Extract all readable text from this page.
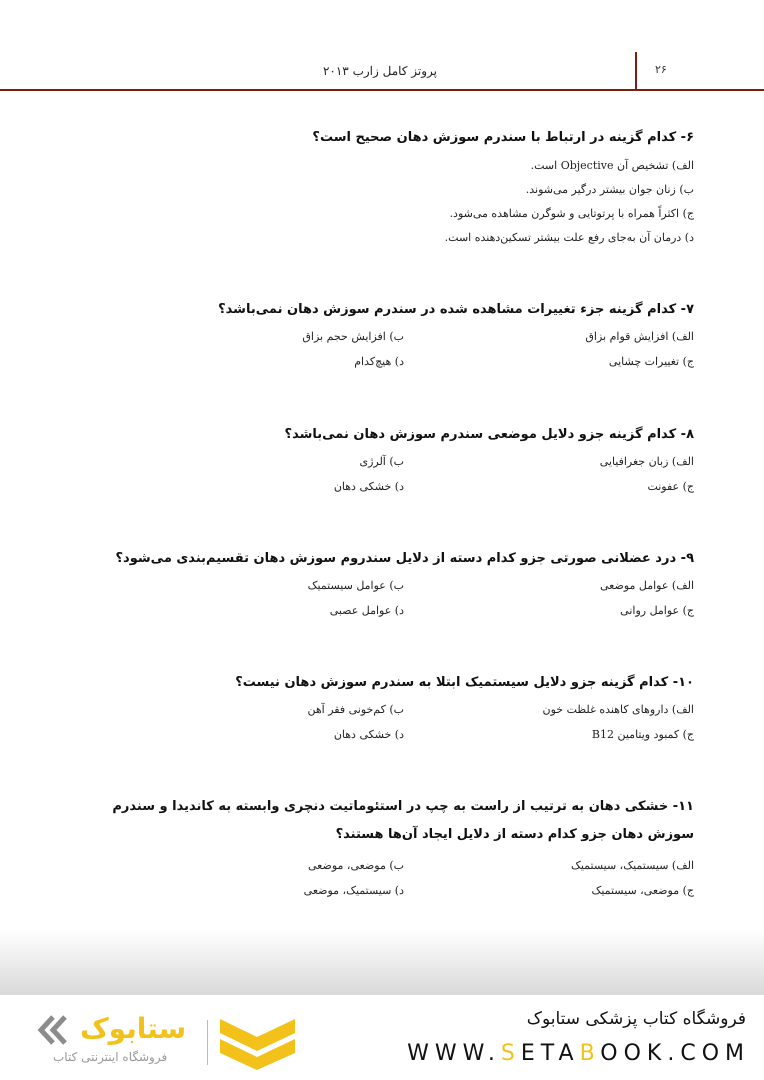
۲۶
پروتز کامل زارب ۲۰۱۳
۶- کدام گزینه در ارتباط با سندرم سوزش دهان صحیح است؟
الف) تشخیص آن Objective است.
ب) زنان جوان بیشتر درگیر می‌شوند.
ج) اکثراً همراه با پرتوتایی و شوگرن مشاهده می‌شود.
د) درمان آن به‌جای رفع علت بیشتر تسکین‌دهنده است.
۷- کدام گزینه جزء تغییرات مشاهده شده در سندرم سوزش دهان نمی‌باشد؟
الف) افزایش قوام بزاق
ب) افزایش حجم بزاق
ج) تغییرات چشایی
د) هیچ‌کدام
۸- کدام گزینه جزو دلایل موضعی سندرم سوزش دهان نمی‌باشد؟
الف) زبان جغرافیایی
ب) آلرژی
ج) عفونت
د) خشکی دهان
۹- درد عضلانی صورتی جزو کدام دسته از دلایل سندروم سوزش دهان تقسیم‌بندی می‌شود؟
الف) عوامل موضعی
ب) عوامل سیستمیک
ج) عوامل روانی
د) عوامل عصبی
۱۰- کدام گزینه جزو دلایل سیستمیک ابتلا به سندرم سوزش دهان نیست؟
الف) داروهای کاهنده غلظت خون
ب) کم‌خونی فقر آهن
ج) کمبود ویتامین B12
د) خشکی دهان
۱۱- خشکی دهان به ترتیب از راست به چپ در استئوماتیت دنچری وابسته به کاندیدا و سندرم سوزش دهان جزو کدام دسته از دلایل ایجاد آن‌ها هستند؟
الف) سیستمیک، سیستمیک
ب) موضعی، موضعی
ج) موضعی، سیستمیک
د) سیستمیک، موضعی
ستابوک
فروشگاه اینترنتی کتاب
فروشگاه کتاب پزشکی ستابوک
WWW.SETABOOK.COM
